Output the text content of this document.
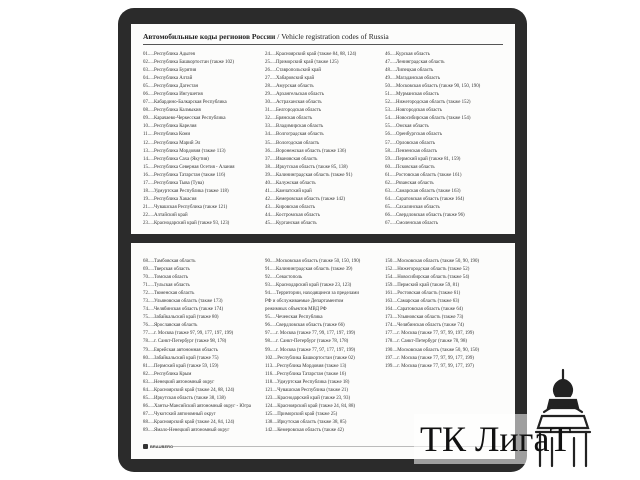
Автомобильные коды регионов России / Vehicle registration codes of Russia
01.....Республика Адыгея
02.....Республика Башкортостан (также 102)
03.....Республика Бурятия
04.....Республика Алтай
05.....Республика Дагестан
06.....Республика Ингушетия
07.....Кабардино-Балкарская Республика
08.....Республика Калмыкия
09.....Карачаево-Черкесская Республика
10.....Республика Карелия
11.....Республика Коми
12.....Республика Марий Эл
13.....Республика Мордовия (также 113)
14.....Республика Саха (Якутия)
15.....Республика Северная Осетия - Алания
16.....Республика Татарстан (также 116)
17.....Республика Тыва (Тува)
18.....Удмуртская Республика (также 118)
19.....Республика Хакасия
21.....Чувашская Республика (также 121)
22.....Алтайский край
23.....Краснодарский край (также 93, 123)
24.....Красноярский край (также 84, 88, 124)
25.....Приморский край (также 125)
26.....Ставропольский край
27.....Хабаровский край
28.....Амурская область
29.....Архангельская область
30.....Астраханская область
31.....Белгородская область
32.....Брянская область
33.....Владимирская область
34.....Волгоградская область
35.....Вологодская область
36.....Воронежская область (также 136)
37.....Ивановская область
38.....Иркутская область (также 85, 138)
39.....Калининградская область (также 91)
40.....Калужская область
41.....Камчатский край
42.....Кемеровская область (также 142)
43.....Кировская область
44.....Костромская область
45.....Курганская область
46.....Курская область
47.....Ленинградская область
48.....Липецкая область
49.....Магаданская область
50.....Московская область (также 90, 150, 190)
51.....Мурманская область
52.....Нижегородская область (также 152)
53.....Новгородская область
54.....Новосибирская область (также 154)
55.....Омская область
56.....Оренбургская область
57.....Орловская область
58.....Пензенская область
59.....Пермский край (также 81, 159)
60.....Псковская область
61.....Ростовская область (также 161)
62.....Рязанская область
63.....Самарская область (также 163)
64.....Саратовская область (также 164)
65.....Сахалинская область
66.....Свердловская область (также 96)
67.....Смоленская область
68.....Тамбовская область
69.....Тверская область
70.....Томская область
71.....Тульская область
72.....Тюменская область
73.....Ульяновская область (также 173)
74.....Челябинская область (также 174)
75.....Забайкальский край (также 80)
76.....Ярославская область
77.....г. Москва (также 97, 99, 177, 197, 199)
78.....г. Санкт-Петербург (также 98, 178)
79.....Еврейская автономная область
80.....Забайкальский край (также 75)
81.....Пермский край (также 59, 159)
82.....Республика Крым
83.....Ненецкий автономный округ
84.....Красноярский край (также 24, 88, 124)
85.....Иркутская область (также 38, 138)
86.....Ханты-Мансийский автономный округ - Югра
87.....Чукотский автономный округ
88.....Красноярский край (также 24, 84, 124)
89.....Ямало-Ненецкий автономный округ
90.....Московская область (также 50, 150, 190)
91.....Калининградская область (также 39)
92.....Севастополь
93.....Краснодарский край (также 23, 123)
94.....Территории, находящиеся за пределами
РФ и обслуживаемые Департаментом
режимных объектов МВД РФ
95.....Чеченская Республика
96.....Свердловская область (также 66)
97.....г. Москва (также 77, 99, 177, 197, 199)
98.....г. Санкт-Петербург (также 78, 178)
99.....г. Москва (также 77, 97, 177, 197, 199)
102....Республика Башкортостан (также 02)
113....Республика Мордовия (также 13)
116....Республика Татарстан (также 16)
118....Удмуртская Республика (также 18)
121....Чувашская Республика (также 21)
123....Краснодарский край (также 23, 93)
124....Красноярский край (также 24, 84, 88)
125....Приморский край (также 25)
138....Иркутская область (также 38, 85)
142....Кемеровская область (также 42)
150....Московская область (также 50, 90, 190)
152....Нижегородская область (также 52)
154....Новосибирская область (также 54)
159....Пермский край (также 59, 81)
161....Ростовская область (также 61)
163....Самарская область (также 63)
164....Саратовская область (также 64)
173....Ульяновская область (также 73)
174....Челябинская область (также 74)
177....г. Москва (также 77, 97, 99, 197, 199)
178....г. Санкт-Петербург (также 78, 98)
190....Московская область (также 50, 90, 150)
197....г. Москва (также 77, 97, 99, 177, 199)
199....г. Москва (также 77, 97, 99, 177, 197)
BRAUBERG	ТК ЛигаТ
